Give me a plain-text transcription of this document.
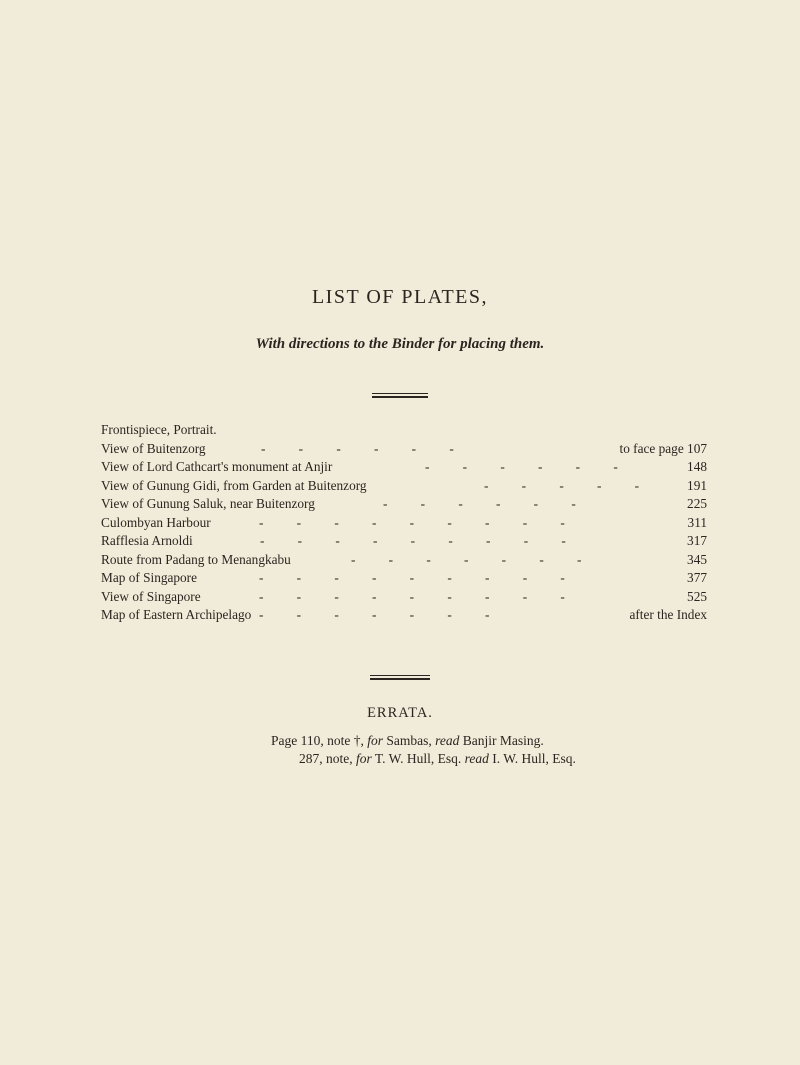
LIST OF PLATES,
With directions to the Binder for placing them.
Frontispiece, Portrait.
View of Buitenzorg	-          -          -          -          -          -	to face page 107
View of Lord Cathcart's monument at Anjir	-          -          -          -          -          -	148
View of Gunung Gidi, from Garden at Buitenzorg	-          -          -          -          -	191
View of Gunung Saluk, near Buitenzorg	-          -          -          -          -          -	225
Culombyan Harbour	-          -          -          -          -          -          -          -          -	311
Rafflesia Arnoldi	-          -          -          -          -          -          -          -          -	317
Route from Padang to Menangkabu	-          -          -          -          -          -          -	345
Map of Singapore	-          -          -          -          -          -          -          -          -	377
View of Singapore	-          -          -          -          -          -          -          -          -	525
Map of Eastern Archipelago -          -          -          -          -          -          -	after the Index
ERRATA.
Page 110, note †, for Sambas, read Banjir Masing.
287, note, for T. W. Hull, Esq. read I. W. Hull, Esq.
